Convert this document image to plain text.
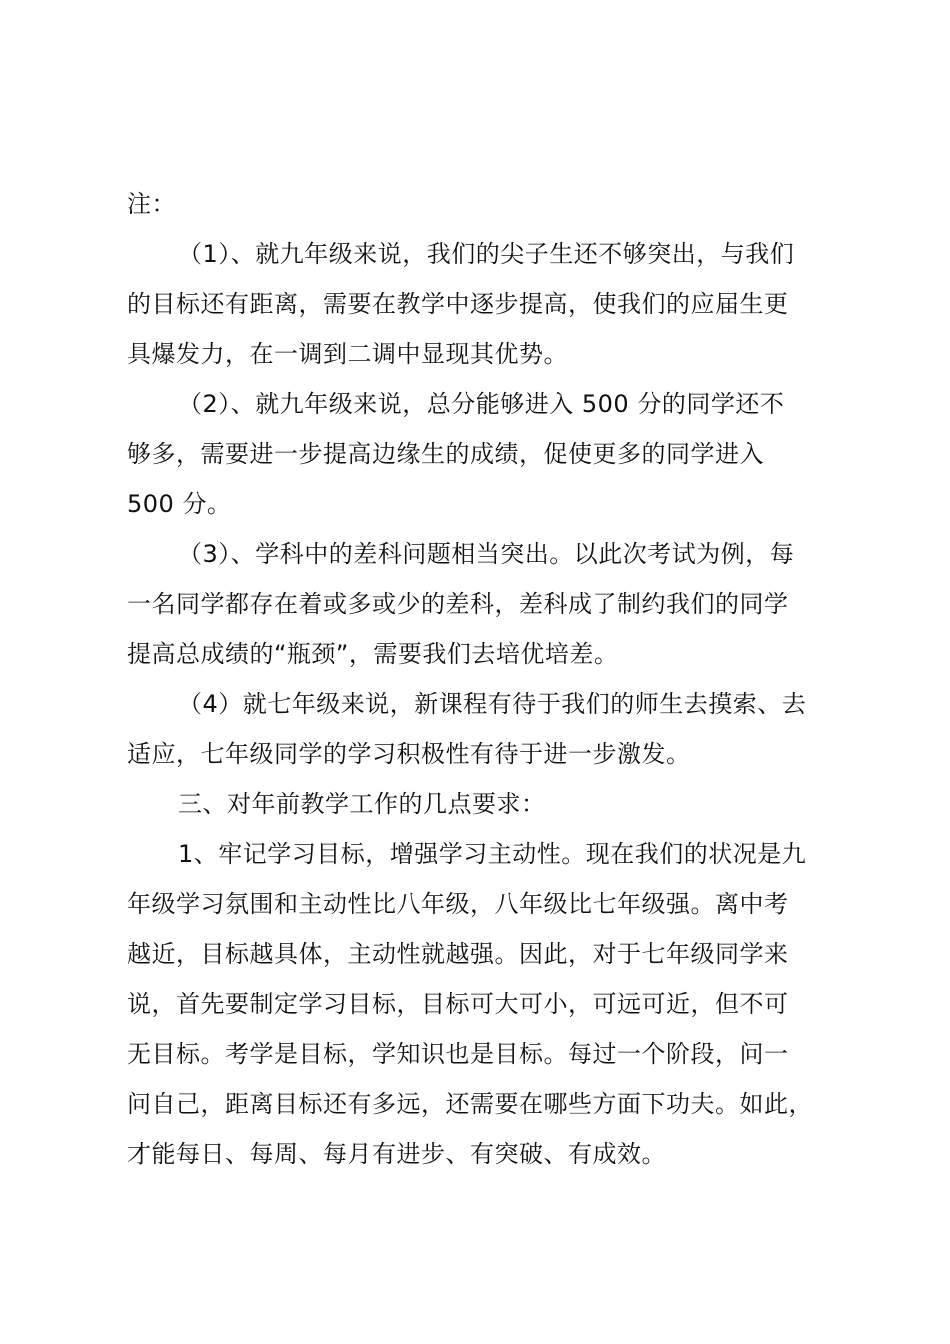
注：
（1）、就九年级来说，我们的尖子生还不够突出，与我们
的目标还有距离，需要在教学中逐步提高，使我们的应届生更
具爆发力，在一调到二调中显现其优势。
（2）、就九年级来说，总分能够进入 500 分的同学还不
够多，需要进一步提高边缘生的成绩，促使更多的同学进入
500 分。
（3）、学科中的差科问题相当突出。以此次考试为例，每
一名同学都存在着或多或少的差科，差科成了制约我们的同学
提高总成绩的“瓶颈”，需要我们去培优培差。
（4）就七年级来说，新课程有待于我们的师生去摸索、去
适应，七年级同学的学习积极性有待于进一步激发。
三、对年前教学工作的几点要求：
1、牢记学习目标，增强学习主动性。现在我们的状况是九
年级学习氛围和主动性比八年级，八年级比七年级强。离中考
越近，目标越具体，主动性就越强。因此，对于七年级同学来
说，首先要制定学习目标，目标可大可小，可远可近，但不可
无目标。考学是目标，学知识也是目标。每过一个阶段，问一
问自己，距离目标还有多远，还需要在哪些方面下功夫。如此，
才能每日、每周、每月有进步、有突破、有成效。
